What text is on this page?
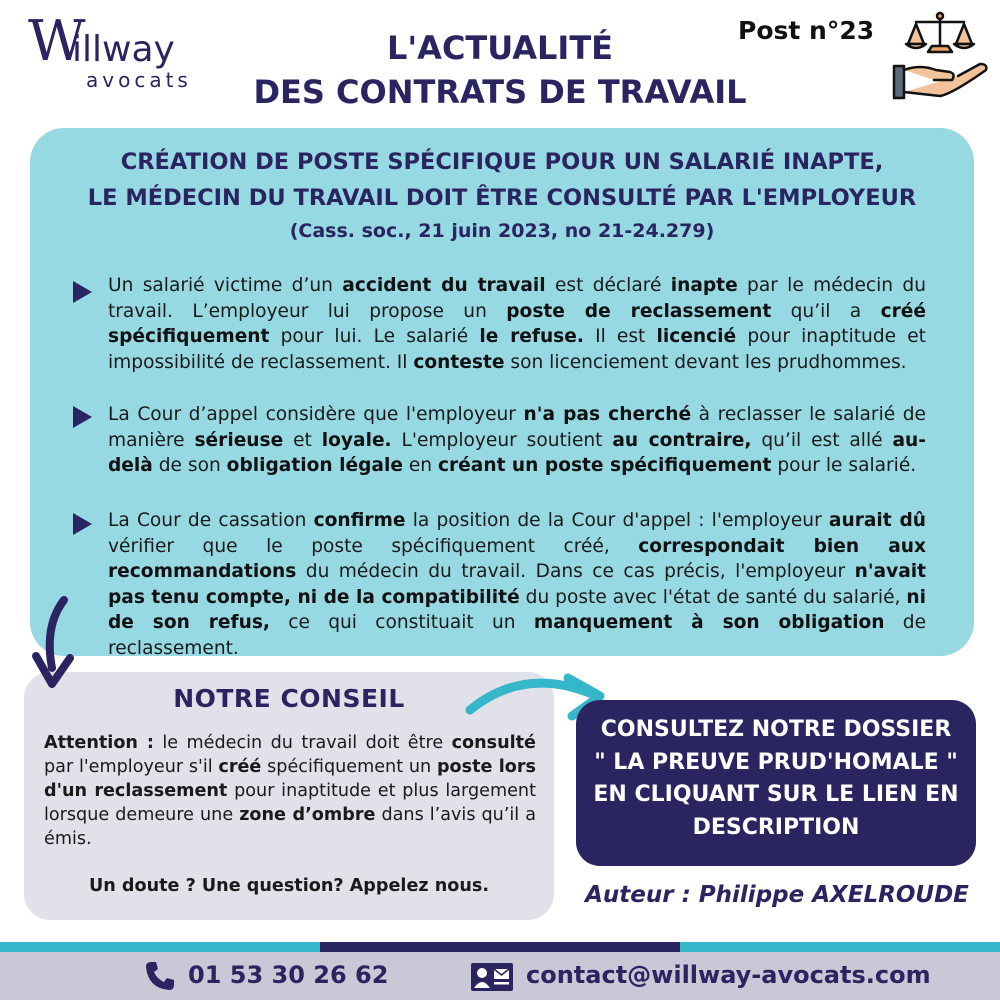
W
illway
avocats
L'ACTUALITÉ
DES CONTRATS DE TRAVAIL
Post n°23
CRÉATION DE POSTE SPÉCIFIQUE POUR UN SALARIÉ INAPTE,
LE MÉDECIN DU TRAVAIL DOIT ÊTRE CONSULTÉ PAR L'EMPLOYEUR
(Cass. soc., 21 juin 2023, no 21-24.279)
Un salarié victime d’un accident du travail est déclaré inapte par le médecin du travail. L’employeur lui propose un poste de reclassement qu’il a créé spécifiquement pour lui. Le salarié le refuse. Il est licencié pour inaptitude et impossibilité de reclassement. Il conteste son licenciement devant les prudhommes.
La Cour d’appel considère que l'employeur n'a pas cherché à reclasser le salarié de manière sérieuse et loyale. L'employeur soutient au contraire, qu’il est allé au-delà de son obligation légale en créant un poste spécifiquement pour le salarié.
La Cour de cassation confirme la position de la Cour d'appel : l'employeur aurait dû vérifier que le poste spécifiquement créé, correspondait bien aux recommandations du médecin du travail. Dans ce cas précis, l'employeur n'avait pas tenu compte, ni de la compatibilité du poste avec l'état de santé du salarié, ni de son refus, ce qui constituait un manquement à son obligation de reclassement.
NOTRE CONSEIL
Attention : le médecin du travail doit être consulté par l'employeur s'il créé spécifiquement un poste lors d'un reclassement pour inaptitude et plus largement lorsque demeure une zone d’ombre dans l’avis qu’il a émis.
Un doute ? Une question? Appelez nous.
CONSULTEZ NOTRE DOSSIER
" LA PREUVE PRUD'HOMALE "
EN CLIQUANT SUR LE LIEN EN
DESCRIPTION
Auteur : Philippe AXELROUDE
01 53 30 26 62	contact@willway-avocats.com
